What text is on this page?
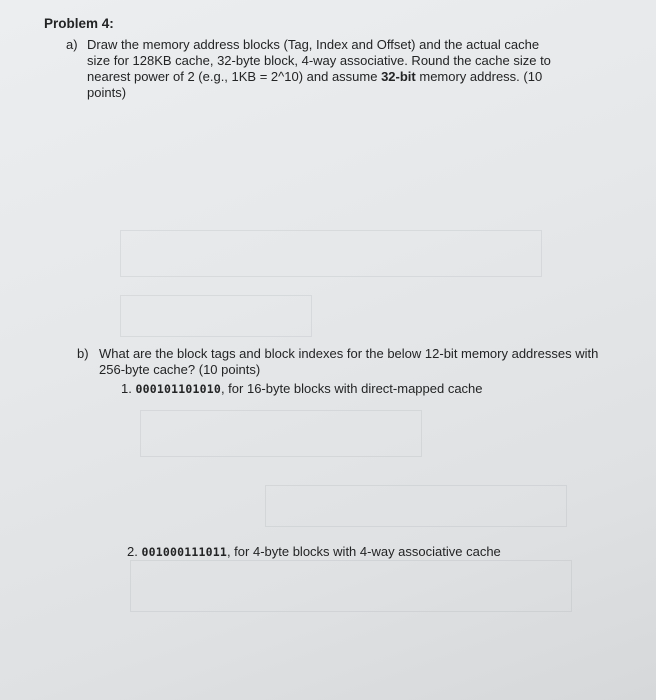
Problem 4:
a) Draw the memory address blocks (Tag, Index and Offset) and the actual cache
size for 128KB cache, 32-byte block, 4-way associative. Round the cache size to
nearest power of 2 (e.g., 1KB = 2^10) and assume 32-bit memory address. (10
points)
b) What are the block tags and block indexes for the below 12-bit memory addresses with
256-byte cache? (10 points)
1. 000101101010, for 16-byte blocks with direct-mapped cache
2. 001000111011, for 4-byte blocks with 4-way associative cache
